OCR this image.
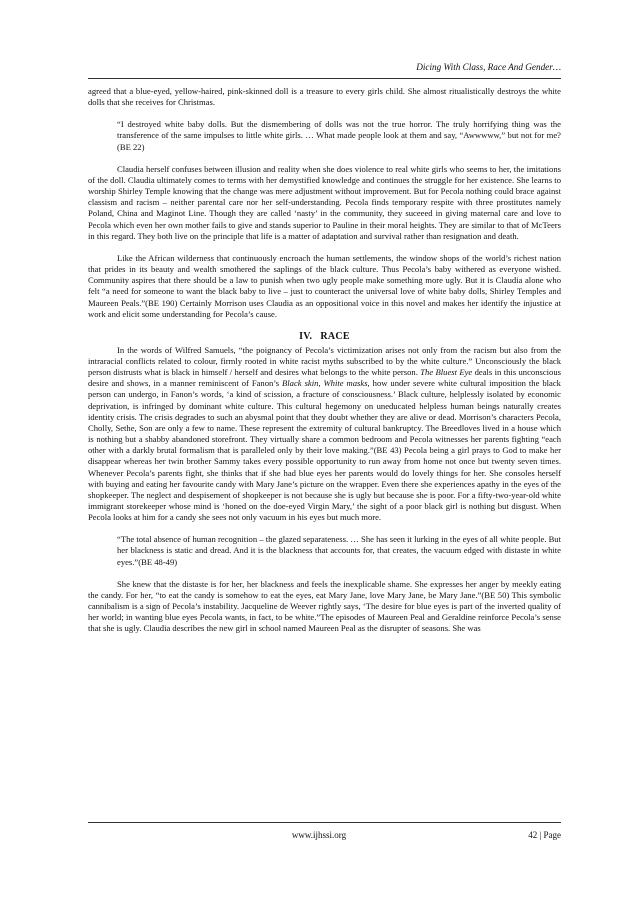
Dicing With Class, Race And Gender…

agreed that a blue-eyed, yellow-haired, pink-skinned doll is a treasure to every girls child. She almost ritualistically destroys the white dolls that she receives for Christmas.

“I destroyed white baby dolls. But the dismembering of dolls was not the true horror. The truly horrifying thing was the transference of the same impulses to little white girls. … What made people look at them and say, “Awwwww,” but not for me? (BE 22)

Claudia herself confuses between illusion and reality when she does violence to real white girls who seems to her, the imitations of the doll. Claudia ultimately comes to terms with her demystified knowledge and continues the struggle for her existence. She learns to worship Shirley Temple knowing that the change was mere adjustment without improvement. But for Pecola nothing could brace against classism and racism – neither parental care nor her self-understanding. Pecola finds temporary respite with three prostitutes namely Poland, China and Maginot Line. Though they are called ‘nasty’ in the community, they suceeed in giving maternal care and love to Pecola which even her own mother fails to give and stands superior to Pauline in their moral heights. They are similar to that of McTeers in this regard. They both live on the principle that life is a matter of adaptation and survival rather than resignation and death.

Like the African wilderness that continuously encroach the human settlements, the window shops of the world’s richest nation that prides in its beauty and wealth smothered the saplings of the black culture. Thus Pecola’s baby withered as everyone wished. Community aspires that there should be a law to punish when two ugly people make something more ugly. But it is Claudia alone who felt “a need for someone to want the black baby to live – just to counteract the universal love of white baby dolls, Shirley Temples and Maureen Peals.”(BE 190) Certainly Morrison uses Claudia as an oppositional voice in this novel and makes her identify the injustice at work and elicit some understanding for Pecola’s cause.

IV. RACE

In the words of Wilfred Samuels, “the poignancy of Pecola’s victimization arises not only from the racism but also from the intraracial conflicts related to colour, firmly rooted in white racist myths subscribed to by the white culture.” Unconsciously the black person distrusts what is black in himself / herself and desires what belongs to the white person. The Bluest Eye deals in this unconscious desire and shows, in a manner reminiscent of Fanon’s Black skin, White masks, how under severe white cultural imposition the black person can undergo, in Fanon’s words, ‘a kind of scission, a fracture of consciousness.’ Black culture, helplessly isolated by economic deprivation, is infringed by dominant white culture. This cultural hegemony on uneducated helpless human beings naturally creates identity crisis. The crisis degrades to such an abysmal point that they doubt whether they are alive or dead. Morrison’s characters Pecola, Cholly, Sethe, Son are only a few to name. These represent the extremity of cultural bankruptcy. The Breedloves lived in a house which is nothing but a shabby abandoned storefront. They virtually share a common bedroom and Pecola witnesses her parents fighting “each other with a darkly brutal formalism that is paralleled only by their love making.”(BE 43) Pecola being a girl prays to God to make her disappear whereas her twin brother Sammy takes every possible opportunity to run away from home not once but twenty seven times. Whenever Pecola’s parents fight, she thinks that if she had blue eyes her parents would do lovely things for her. She consoles herself with buying and eating her favourite candy with Mary Jane’s picture on the wrapper. Even there she experiences apathy in the eyes of the shopkeeper. The neglect and despisement of shopkeeper is not because she is ugly but because she is poor. For a fifty-two-year-old white immigrant storekeeper whose mind is ‘honed on the doe-eyed Virgin Mary,’ the sight of a poor black girl is nothing but disgust. When Pecola looks at him for a candy she sees not only vacuum in his eyes but much more.

“The total absence of human recognition – the glazed separateness. … She has seen it lurking in the eyes of all white people. But her blackness is static and dread. And it is the blackness that accounts for, that creates, the vacuum edged with distaste in white eyes.”(BE 48-49)

She knew that the distaste is for her, her blackness and feels the inexplicable shame. She expresses her anger by meekly eating the candy. For her, “to eat the candy is somehow to eat the eyes, eat Mary Jane, love Mary Jane, be Mary Jane.”(BE 50) This symbolic cannibalism is a sign of Pecola’s instability. Jacqueline de Weever rightly says, ‘The desire for blue eyes is part of the inverted quality of her world; in wanting blue eyes Pecola wants, in fact, to be white.”The episodes of Maureen Peal and Geraldine reinforce Pecola’s sense that she is ugly. Claudia describes the new girl in school named Maureen Peal as the disrupter of seasons. She was

www.ijhssi.org	42 | Page
